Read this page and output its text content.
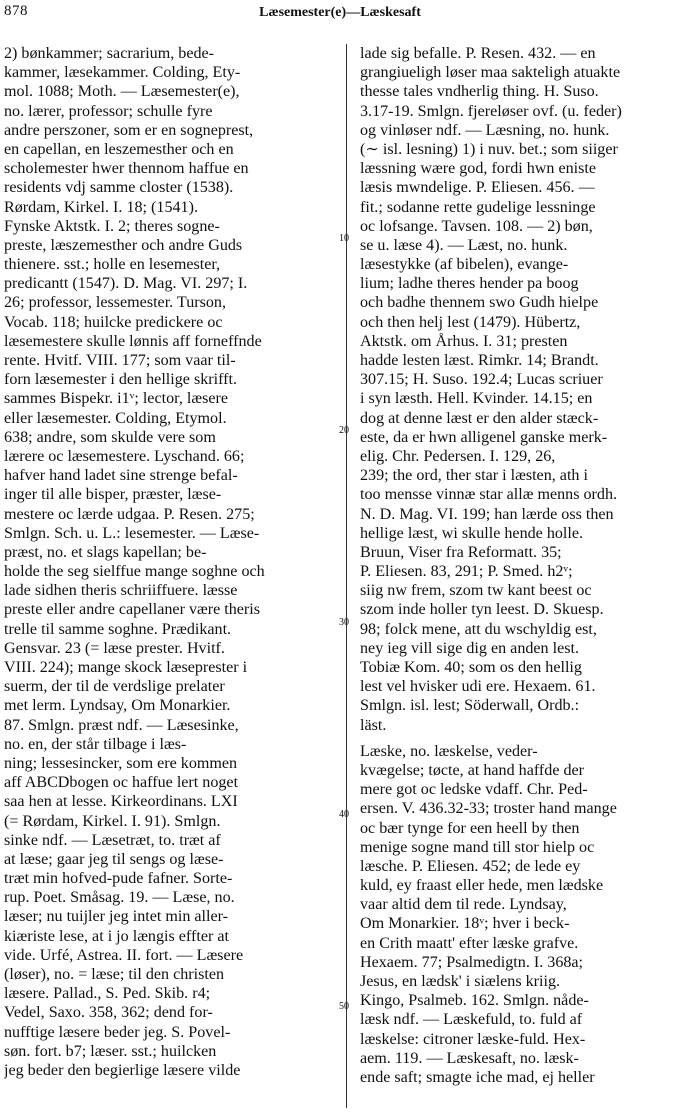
878	Læsemester(e)—Læskesaft
10
20
30
40
50
2) bønkammer; sacrarium, bede-
kammer, læsekammer. Colding, Ety-
mol. 1088; Moth. — Læsemester(e),
no. lærer, professor; schulle fyre
andre perszoner, som er en sogneprest,
en capellan, en leszemesther och en
scholemester hwer thennom haffue en
residents vdj samme closter (1538).
Rørdam, Kirkel. I. 18; (1541).
Fynske Aktstk. I. 2; theres sogne-
preste, læszemesther och andre Guds
thienere. sst.; holle en lesemester,
predicantt (1547). D. Mag. VI. 297; I.
26; professor, lessemester. Turson,
Vocab. 118; huilcke predickere oc
læsemestere skulle lønnis aff forneffnde
rente. Hvitf. VIII. 177; som vaar til-
forn læsemester i den hellige skrifft.
sammes Bispekr. i1ᵛ; lector, læsere
eller læsemester. Colding, Etymol.
638; andre, som skulde vere som
lærere oc læsemestere. Lyschand. 66;
hafver hand ladet sine strenge befal-
inger til alle bisper, præster, læse-
mestere oc lærde udgaa. P. Resen. 275;
Smlgn. Sch. u. L.: lesemester. — Læse-
præst, no. et slags kapellan; be-
holde the seg sielffue mange soghne och
lade sidhen theris schriiffuere. læsse
preste eller andre capellaner være theris
trelle til samme soghne. Prædikant.
Gensvar. 23 (= læse prester. Hvitf.
VIII. 224); mange skock læseprester i
suerm, der til de verdslige prelater
met lerm. Lyndsay, Om Monarkier.
87. Smlgn. præst ndf. — Læsesinke,
no. en, der står tilbage i læs-
ning; lessesincker, som ere kommen
aff ABCDbogen oc haffue lert noget
saa hen at lesse. Kirkeordinans. LXI
(= Rørdam, Kirkel. I. 91). Smlgn.
sinke ndf. — Læsetræt, to. træt af
at læse; gaar jeg til sengs og læse-
træt min hofved-pude fafner. Sorte-
rup. Poet. Småsag. 19. — Læse, no.
læser; nu tuijler jeg intet min aller-
kiæriste lese, at i jo længis effter at
vide. Urfé, Astrea. II. fort. — Læsere
(løser), no. = læse; til den christen
læsere. Pallad., S. Ped. Skib. r4;
Vedel, Saxo. 358, 362; dend for-
nufftige læsere beder jeg. S. Povel-
søn. fort. b7; læser. sst.; huilcken
jeg beder den begierlige læsere vilde
lade sig befalle. P. Resen. 432. — en
grangiueligh løser maa sakteligh atuakte
thesse tales vndherlig thing. H. Suso.
3.17-19. Smlgn. fjereløser ovf. (u. feder)
og vinløser ndf. — Læsning, no. hunk.
(∼ isl. lesning) 1) i nuv. bet.; som siiger
læssning wære god, fordi hwn eniste
læsis mwndelige. P. Eliesen. 456. —
fit.; sodanne rette gudelige lessninge
oc lofsange. Tavsen. 108. — 2) bøn,
se u. læse 4). — Læst, no. hunk.
læsestykke (af bibelen), evange-
lium; ladhe theres hender pa boog
och badhe thennem swo Gudh hielpe
och then helj lest (1479). Hübertz,
Aktstk. om Århus. I. 31; presten
hadde lesten læst. Rimkr. 14; Brandt.
307.15; H. Suso. 192.4; Lucas scriuer
i syn læsth. Hell. Kvinder. 14.15; en
dog at denne læst er den alder stæck-
este, da er hwn alligenel ganske merk-
elig. Chr. Pedersen. I. 129, 26,
239; the ord, ther star i læsten, ath i
too mensse vinnæ star allæ menns ordh.
N. D. Mag. VI. 199; han lærde oss then
hellige læst, wi skulle hende holle.
Bruun, Viser fra Reformatt. 35;
P. Eliesen. 83, 291; P. Smed. h2ᵛ;
siig nw frem, szom tw kant beest oc
szom inde holler tyn leest. D. Skuesp.
98; folck mene, att du wschyldig est,
ney ieg vill sige dig en anden lest.
Tobiæ Kom. 40; som os den hellig
lest vel hvisker udi ere. Hexaem. 61.
Smlgn. isl. lest; Söderwall, Ordb.:
läst.
Læske, no. læskelse, veder-
kvægelse; tøcte, at hand haffde der
mere got oc ledske vdaff. Chr. Ped-
ersen. V. 436.32-33; troster hand mange
oc bær tynge for een heell by then
menige sogne mand till stor hielp oc
læsche. P. Eliesen. 452; de lede ey
kuld, ey fraast eller hede, men lædske
vaar altid dem til rede. Lyndsay,
Om Monarkier. 18ᵛ; hver i beck-
en Crith maatt' efter læske grafve.
Hexaem. 77; Psalmedigtn. I. 368a;
Jesus, en lædsk' i siælens kriig.
Kingo, Psalmeb. 162. Smlgn. nåde-
læsk ndf. — Læskefuld, to. fuld af
læskelse: citroner læske-fuld. Hex-
aem. 119. — Læskesaft, no. læsk-
ende saft; smagte iche mad, ej heller
